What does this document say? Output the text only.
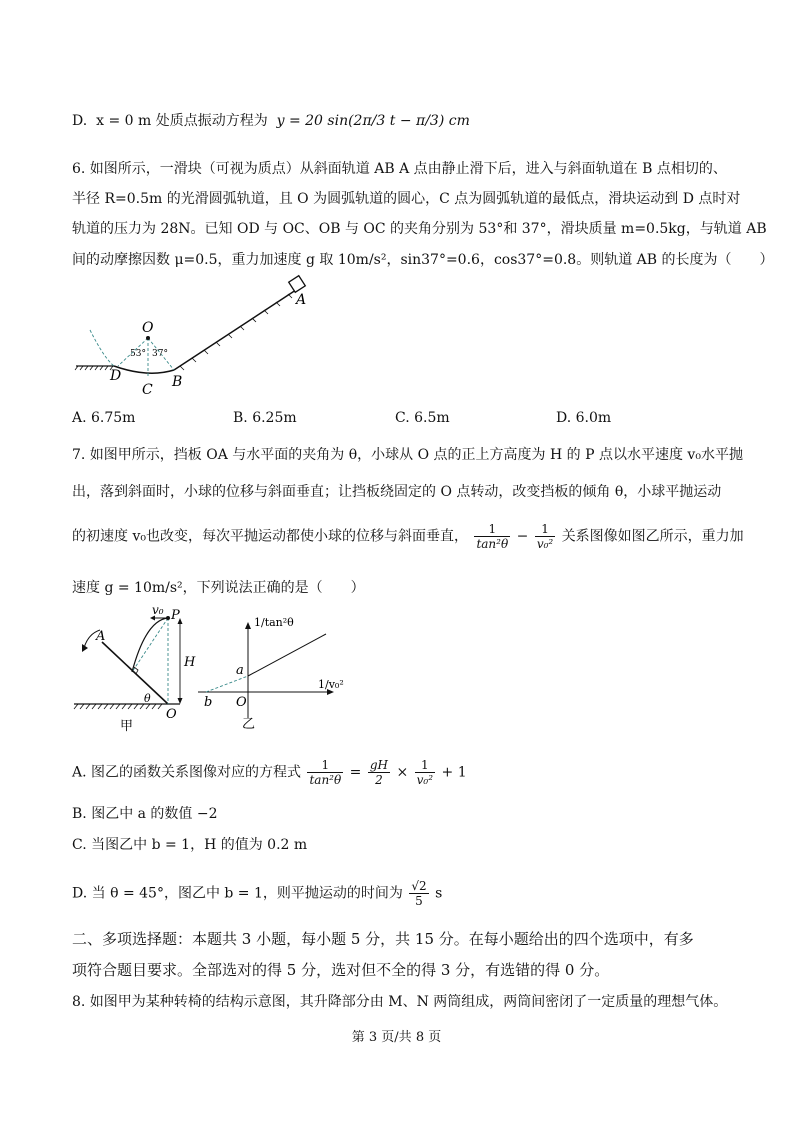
D. x = 0 m 处质点振动方程为 y = 20 sin(2π/3 t − π/3) cm
6. 如图所示，一滑块（可视为质点）从斜面轨道 AB A 点由静止滑下后，进入与斜面轨道在 B 点相切的、
半径 R=0.5m 的光滑圆弧轨道，且 O 为圆弧轨道的圆心，C 点为圆弧轨道的最低点，滑块运动到 D 点时对
轨道的压力为 28N。已知 OD 与 OC、OB 与 OC 的夹角分别为 53°和 37°，滑块质量 m=0.5kg，与轨道 AB
间的动摩擦因数 μ=0.5，重力加速度 g 取 10m/s²，sin37°=0.6，cos37°=0.8。则轨道 AB 的长度为（　　）
O
53° 37°
D
C B
A
A. 6.75m	B. 6.25m	C. 6.5m	D. 6.0m
7. 如图甲所示，挡板 OA 与水平面的夹角为 θ，小球从 O 点的正上方高度为 H 的 P 点以水平速度 v₀水平抛
出，落到斜面时，小球的位移与斜面垂直；让挡板绕固定的 O 点转动，改变挡板的倾角 θ，小球平抛运动
的初速度 v₀也改变，每次平抛运动都使小球的位移与斜面垂直， $\frac{1}{\text{tan²θ}} - \frac{1}{\text{v₀²}}$ 关系图像如图乙所示，重力加
速度 g = 10m/s²，下列说法正确的是（　　）
v₀ P
A
H
θ
O
甲
1/tan²θ
1/v₀²
a
b O
乙
A. 图乙的函数关系图像对应的方程式 $\frac{1}{\text{tan²θ}} = \frac{gH}{2} \times \frac{1}{\text{v₀²}} + 1$
B. 图乙中 a 的数值 −2
C. 当图乙中 b = 1，H 的值为 0.2 m
D. 当 θ = 45°，图乙中 b = 1，则平抛运动的时间为 $\frac{√2}{5}$ s
二、多项选择题：本题共 3 小题，每小题 5 分，共 15 分。在每小题给出的四个选项中，有多
项符合题目要求。全部选对的得 5 分，选对但不全的得 3 分，有选错的得 0 分。
8. 如图甲为某种转椅的结构示意图，其升降部分由 M、N 两筒组成，两筒间密闭了一定质量的理想气体。
第 3 页/共 8 页
